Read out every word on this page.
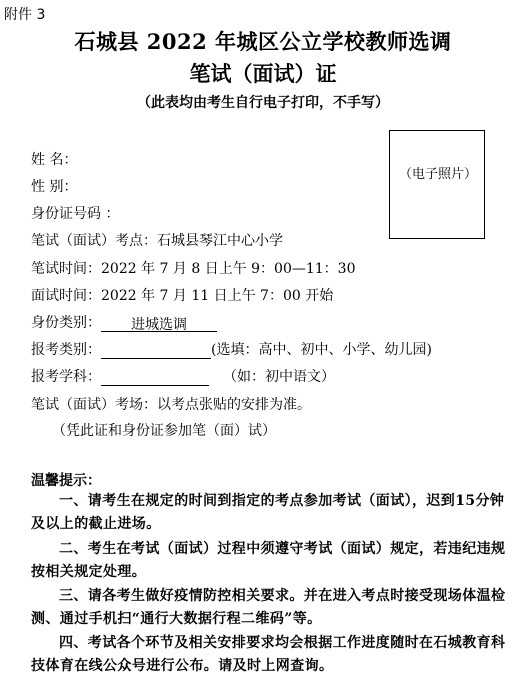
附件 3
石城县 2022 年城区公立学校教师选调
笔试（面试）证
（此表均由考生自行电子打印，不手写）
（电子照片）
姓 名：
性 别：
身份证号码 ：
笔试（面试）考点：石城县琴江中心小学
笔试时间：2022 年 7 月 8 日上午 9：00—11：30
面试时间：2022 年 7 月 11 日上午 7：00 开始
身份类别： 进城选调
报考类别：	(选填：高中、初中、小学、幼儿园)
报考学科：	（如：初中语文）
笔试（面试）考场：以考点张贴的安排为准。
（凭此证和身份证参加笔（面）试）
温馨提示：
一、请考生在规定的时间到指定的考点参加考试（面试），迟到15分钟及以上的截止进场。
二、考生在考试（面试）过程中须遵守考试（面试）规定，若违纪违规按相关规定处理。
三、请各考生做好疫情防控相关要求。并在进入考点时接受现场体温检测、通过手机扫“通行大数据行程二维码”等。
四、考试各个环节及相关安排要求均会根据工作进度随时在石城教育科技体育在线公众号进行公布。请及时上网查询。
